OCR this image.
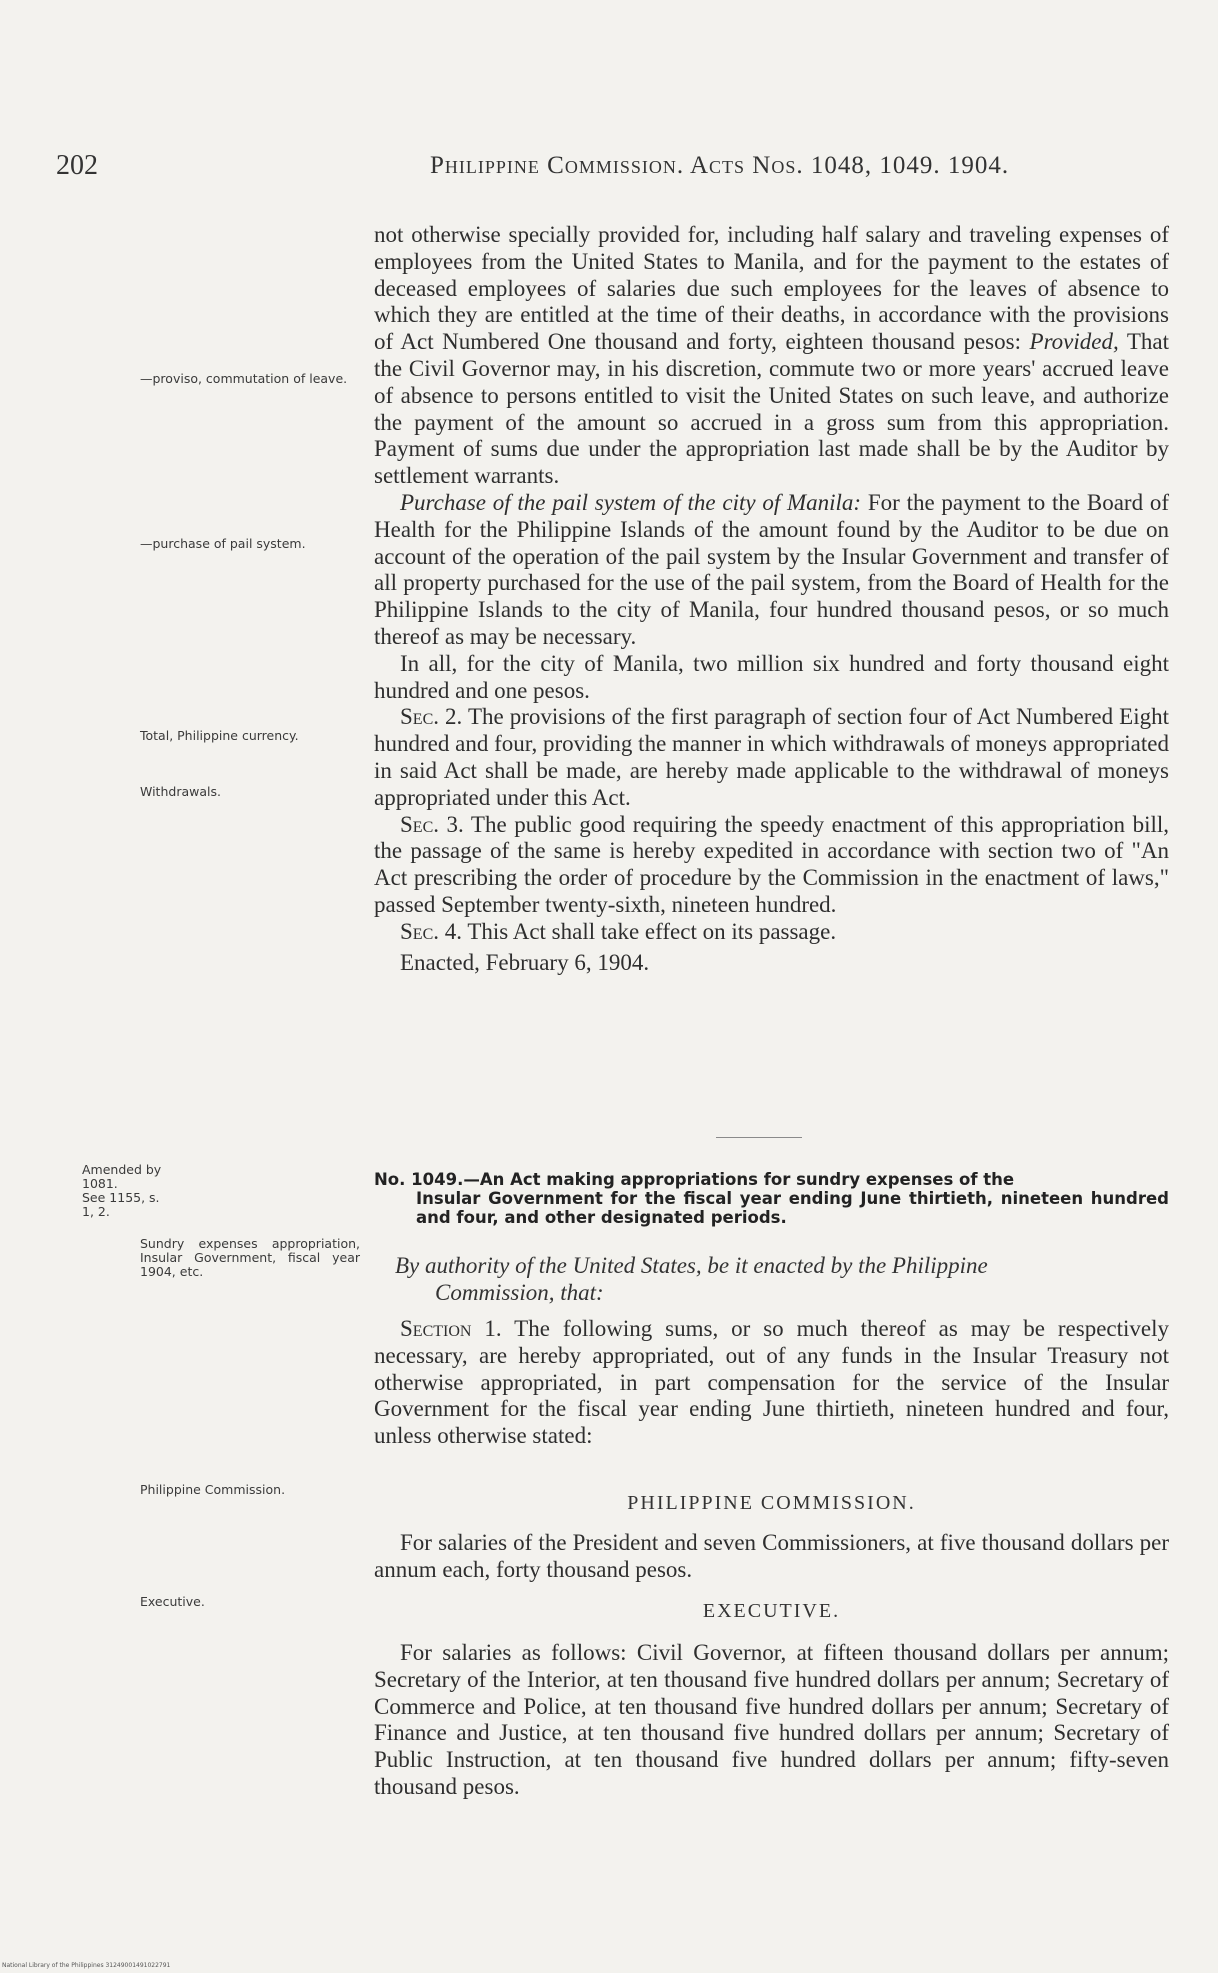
202	Philippine Commission. Acts Nos. 1048, 1049. 1904.
—proviso, commutation of leave.
—purchase of pail system.
Total, Philippine currency.
Withdrawals.
Amended by 1081.
See 1155, s. 1, 2.
Sundry expenses appropriation, Insular Government, fiscal year 1904, etc.
Philippine Commission.
Executive.

not otherwise specially provided for, including half salary and traveling expenses of employees from the United States to Manila, and for the payment to the estates of deceased employees of salaries due such employees for the leaves of absence to which they are entitled at the time of their deaths, in accordance with the provisions of Act Numbered One thousand and forty, eighteen thousand pesos: Provided, That the Civil Governor may, in his discretion, commute two or more years' accrued leave of absence to persons entitled to visit the United States on such leave, and authorize the payment of the amount so accrued in a gross sum from this appropriation. Payment of sums due under the appropriation last made shall be by the Auditor by settlement warrants.

Purchase of the pail system of the city of Manila: For the payment to the Board of Health for the Philippine Islands of the amount found by the Auditor to be due on account of the operation of the pail system by the Insular Government and transfer of all property purchased for the use of the pail system, from the Board of Health for the Philippine Islands to the city of Manila, four hundred thousand pesos, or so much thereof as may be necessary.

In all, for the city of Manila, two million six hundred and forty thousand eight hundred and one pesos.

Sec. 2. The provisions of the first paragraph of section four of Act Numbered Eight hundred and four, providing the manner in which withdrawals of moneys appropriated in said Act shall be made, are hereby made applicable to the withdrawal of moneys appropriated under this Act.

Sec. 3. The public good requiring the speedy enactment of this appropriation bill, the passage of the same is hereby expedited in accordance with section two of "An Act prescribing the order of procedure by the Commission in the enactment of laws," passed September twenty-sixth, nineteen hundred.

Sec. 4. This Act shall take effect on its passage.

Enacted, February 6, 1904.

No. 1049.—An Act making appropriations for sundry expenses of the
Insular Government for the fiscal year ending June thirtieth, nineteen hundred and four, and other designated periods.
By authority of the United States, be it enacted by the Philippine
Commission, that:

Section 1. The following sums, or so much thereof as may be respectively necessary, are hereby appropriated, out of any funds in the Insular Treasury not otherwise appropriated, in part compensation for the service of the Insular Government for the fiscal year ending June thirtieth, nineteen hundred and four, unless otherwise stated:

PHILIPPINE COMMISSION.

For salaries of the President and seven Commissioners, at five thousand dollars per annum each, forty thousand pesos.

EXECUTIVE.

For salaries as follows: Civil Governor, at fifteen thousand dollars per annum; Secretary of the Interior, at ten thousand five hundred dollars per annum; Secretary of Commerce and Police, at ten thousand five hundred dollars per annum; Secretary of Finance and Justice, at ten thousand five hundred dollars per annum; Secretary of Public Instruction, at ten thousand five hundred dollars per annum; fifty-seven thousand pesos.

National Library of the Philippines 31249001491022791
